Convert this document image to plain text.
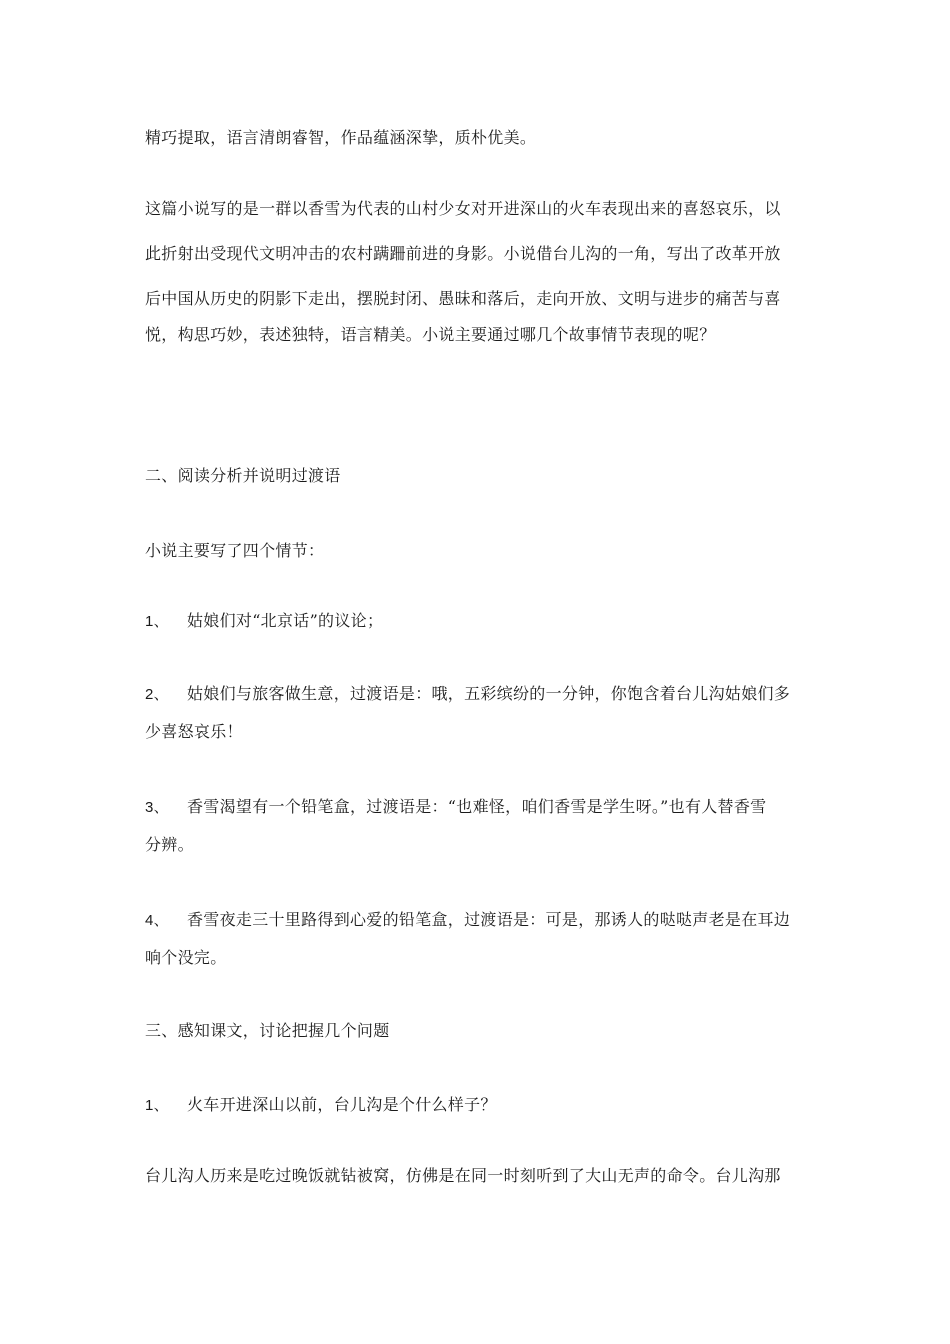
精巧提取，语言清朗睿智，作品蕴涵深挚，质朴优美。
这篇小说写的是一群以香雪为代表的山村少女对开进深山的火车表现出来的喜怒哀乐，以
此折射出受现代文明冲击的农村蹒跚前进的身影。小说借台儿沟的一角，写出了改革开放
后中国从历史的阴影下走出，摆脱封闭、愚昧和落后，走向开放、文明与进步的痛苦与喜
悦，构思巧妙，表述独特，语言精美。小说主要通过哪几个故事情节表现的呢？
二、阅读分析并说明过渡语
小说主要写了四个情节：
1、 姑娘们对“北京话”的议论；
2、 姑娘们与旅客做生意，过渡语是：哦，五彩缤纷的一分钟，你饱含着台儿沟姑娘们多
少喜怒哀乐！
3、 香雪渴望有一个铅笔盒，过渡语是：“也难怪，咱们香雪是学生呀。”也有人替香雪
分辨。
4、 香雪夜走三十里路得到心爱的铅笔盒，过渡语是：可是，那诱人的哒哒声老是在耳边
响个没完。
三、感知课文，讨论把握几个问题
1、 火车开进深山以前，台儿沟是个什么样子？
台儿沟人历来是吃过晚饭就钻被窝，仿佛是在同一时刻听到了大山无声的命令。台儿沟那
